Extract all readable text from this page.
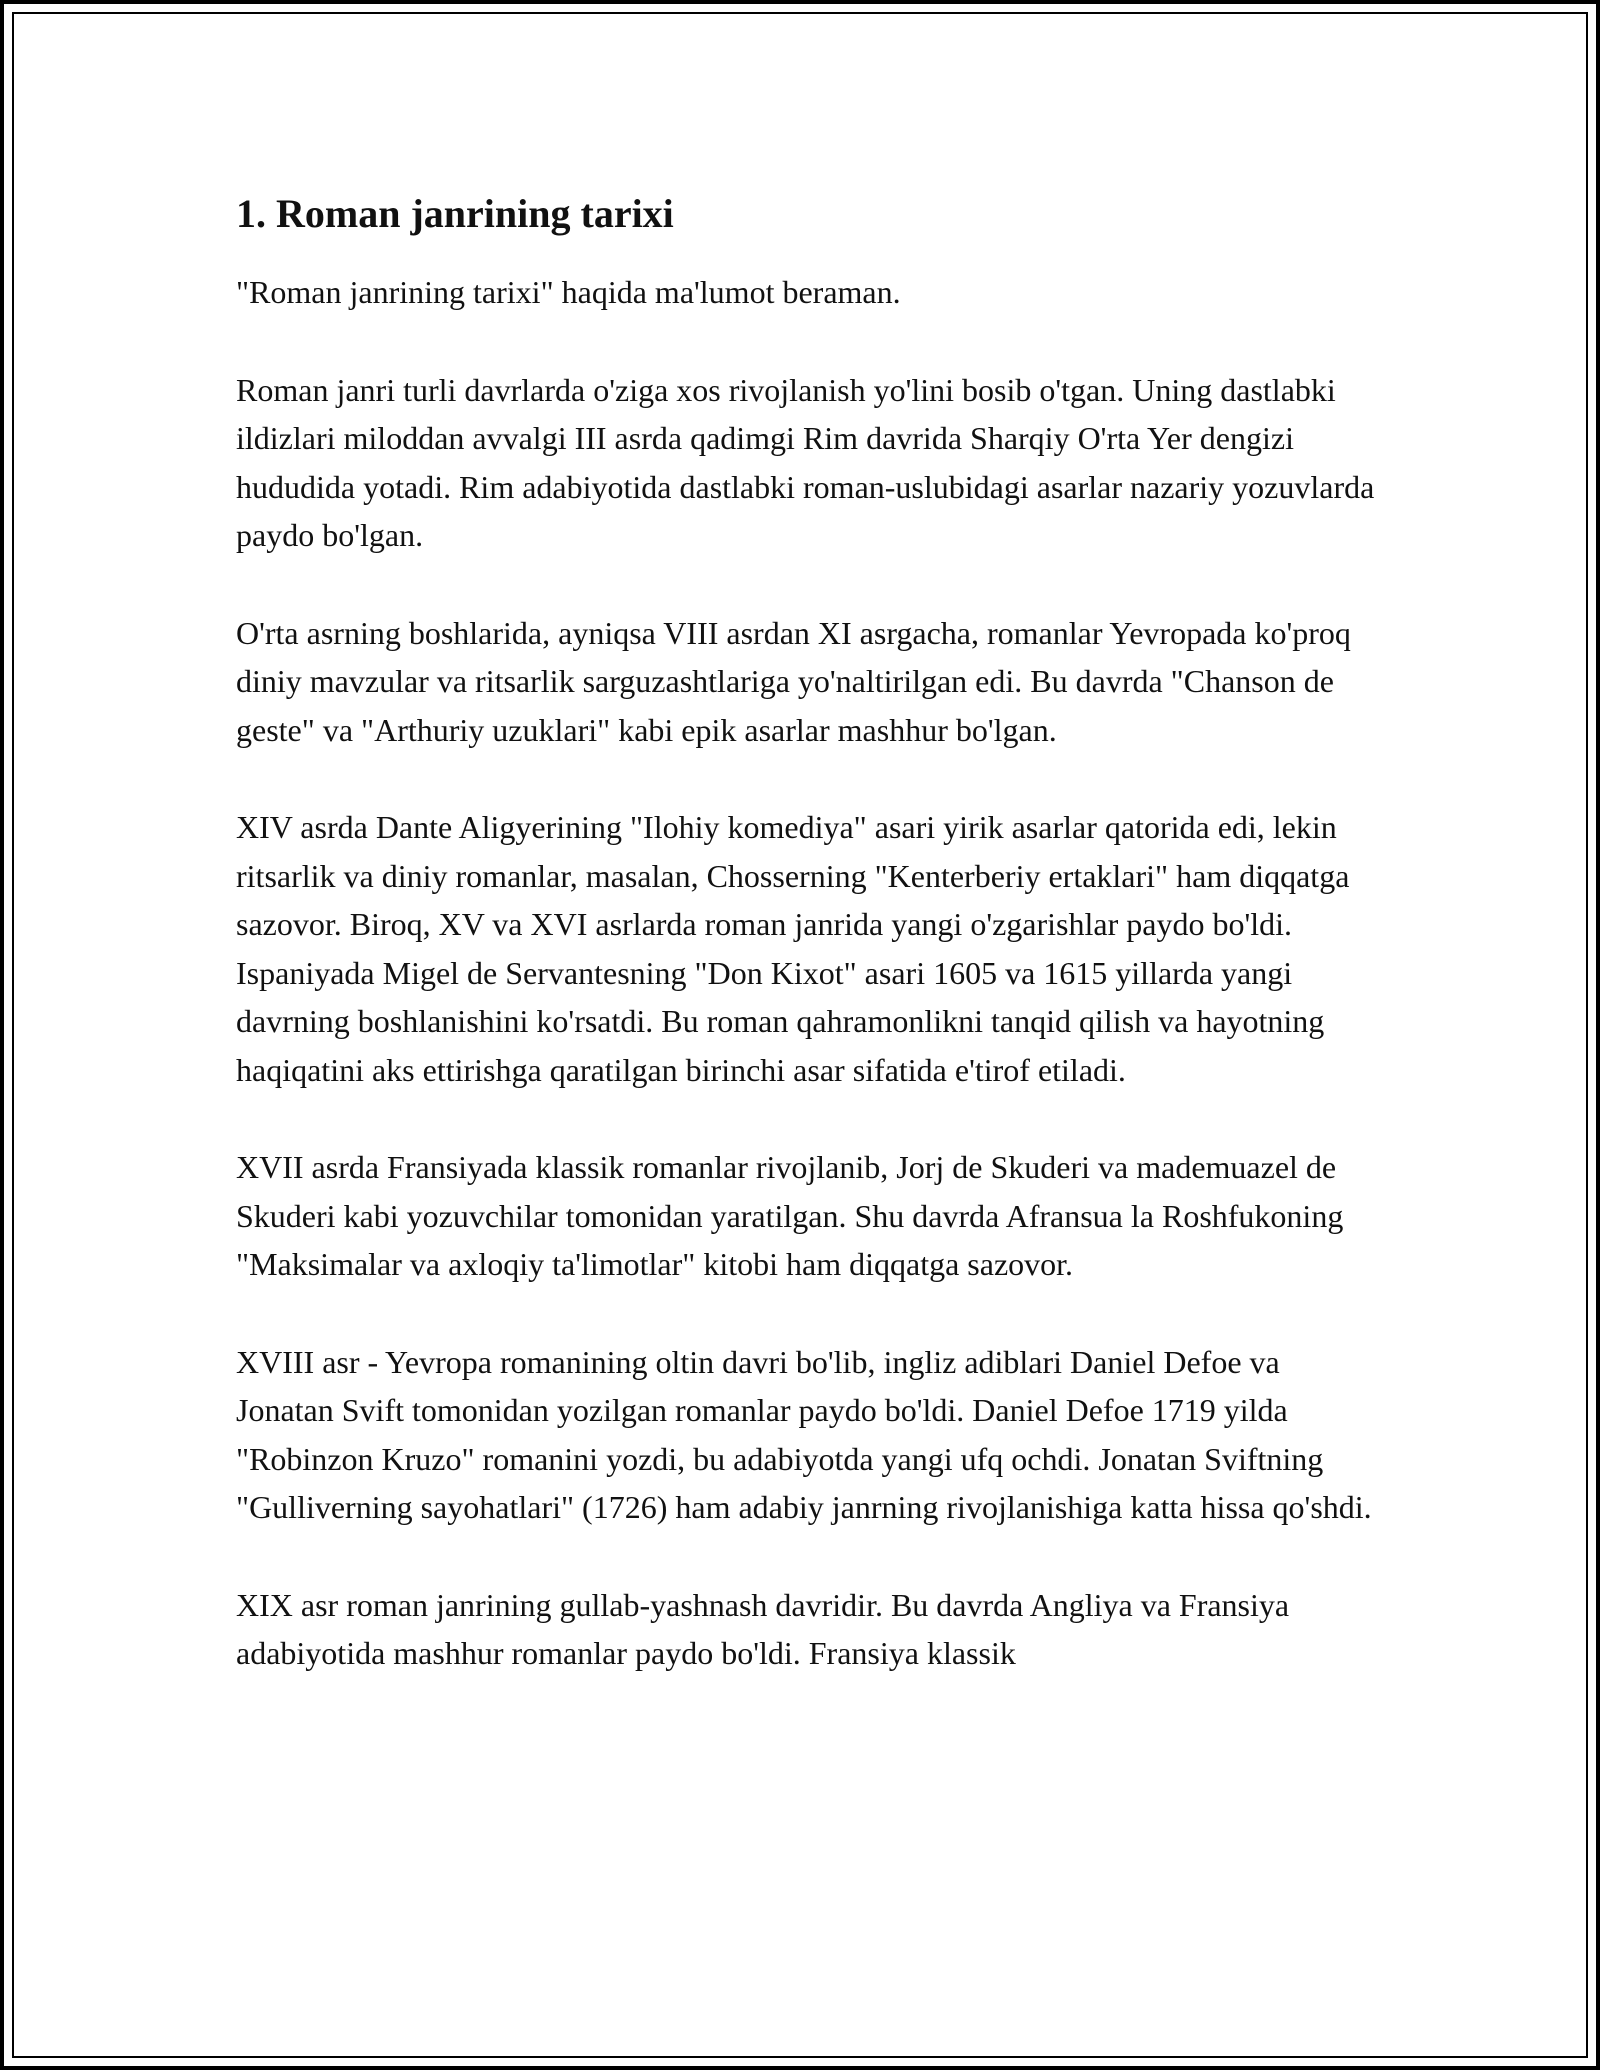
1. Roman janrining tarixi

"Roman janrining tarixi" haqida ma'lumot beraman.

Roman janri turli davrlarda o'ziga xos rivojlanish yo'lini bosib o'tgan. Uning dastlabki ildizlari miloddan avvalgi III asrda qadimgi Rim davrida Sharqiy O'rta Yer dengizi hududida yotadi. Rim adabiyotida dastlabki roman-uslubidagi asarlar nazariy yozuvlarda paydo bo'lgan.

O'rta asrning boshlarida, ayniqsa VIII asrdan XI asrgacha, romanlar Yevropada ko'proq diniy mavzular va ritsarlik sarguzashtlariga yo'naltirilgan edi. Bu davrda "Chanson de geste" va "Arthuriy uzuklari" kabi epik asarlar mashhur bo'lgan.

XIV asrda Dante Aligyerining "Ilohiy komediya" asari yirik asarlar qatorida edi, lekin ritsarlik va diniy romanlar, masalan, Chosserning "Kenterberiy ertaklari" ham diqqatga sazovor. Biroq, XV va XVI asrlarda roman janrida yangi o'zgarishlar paydo bo'ldi. Ispaniyada Migel de Servantesning "Don Kixot" asari 1605 va 1615 yillarda yangi davrning boshlanishini ko'rsatdi. Bu roman qahramonlikni tanqid qilish va hayotning haqiqatini aks ettirishga qaratilgan birinchi asar sifatida e'tirof etiladi.

XVII asrda Fransiyada klassik romanlar rivojlanib, Jorj de Skuderi va mademuazel de Skuderi kabi yozuvchilar tomonidan yaratilgan. Shu davrda Afransua la Roshfukoning "Maksimalar va axloqiy ta'limotlar" kitobi ham diqqatga sazovor.

XVIII asr - Yevropa romanining oltin davri bo'lib, ingliz adiblari Daniel Defoe va Jonatan Svift tomonidan yozilgan romanlar paydo bo'ldi. Daniel Defoe 1719 yilda "Robinzon Kruzo" romanini yozdi, bu adabiyotda yangi ufq ochdi. Jonatan Sviftning "Gulliverning sayohatlari" (1726) ham adabiy janrning rivojlanishiga katta hissa qo'shdi.

XIX asr roman janrining gullab-yashnash davridir. Bu davrda Angliya va Fransiya adabiyotida mashhur romanlar paydo bo'ldi. Fransiya klassik
